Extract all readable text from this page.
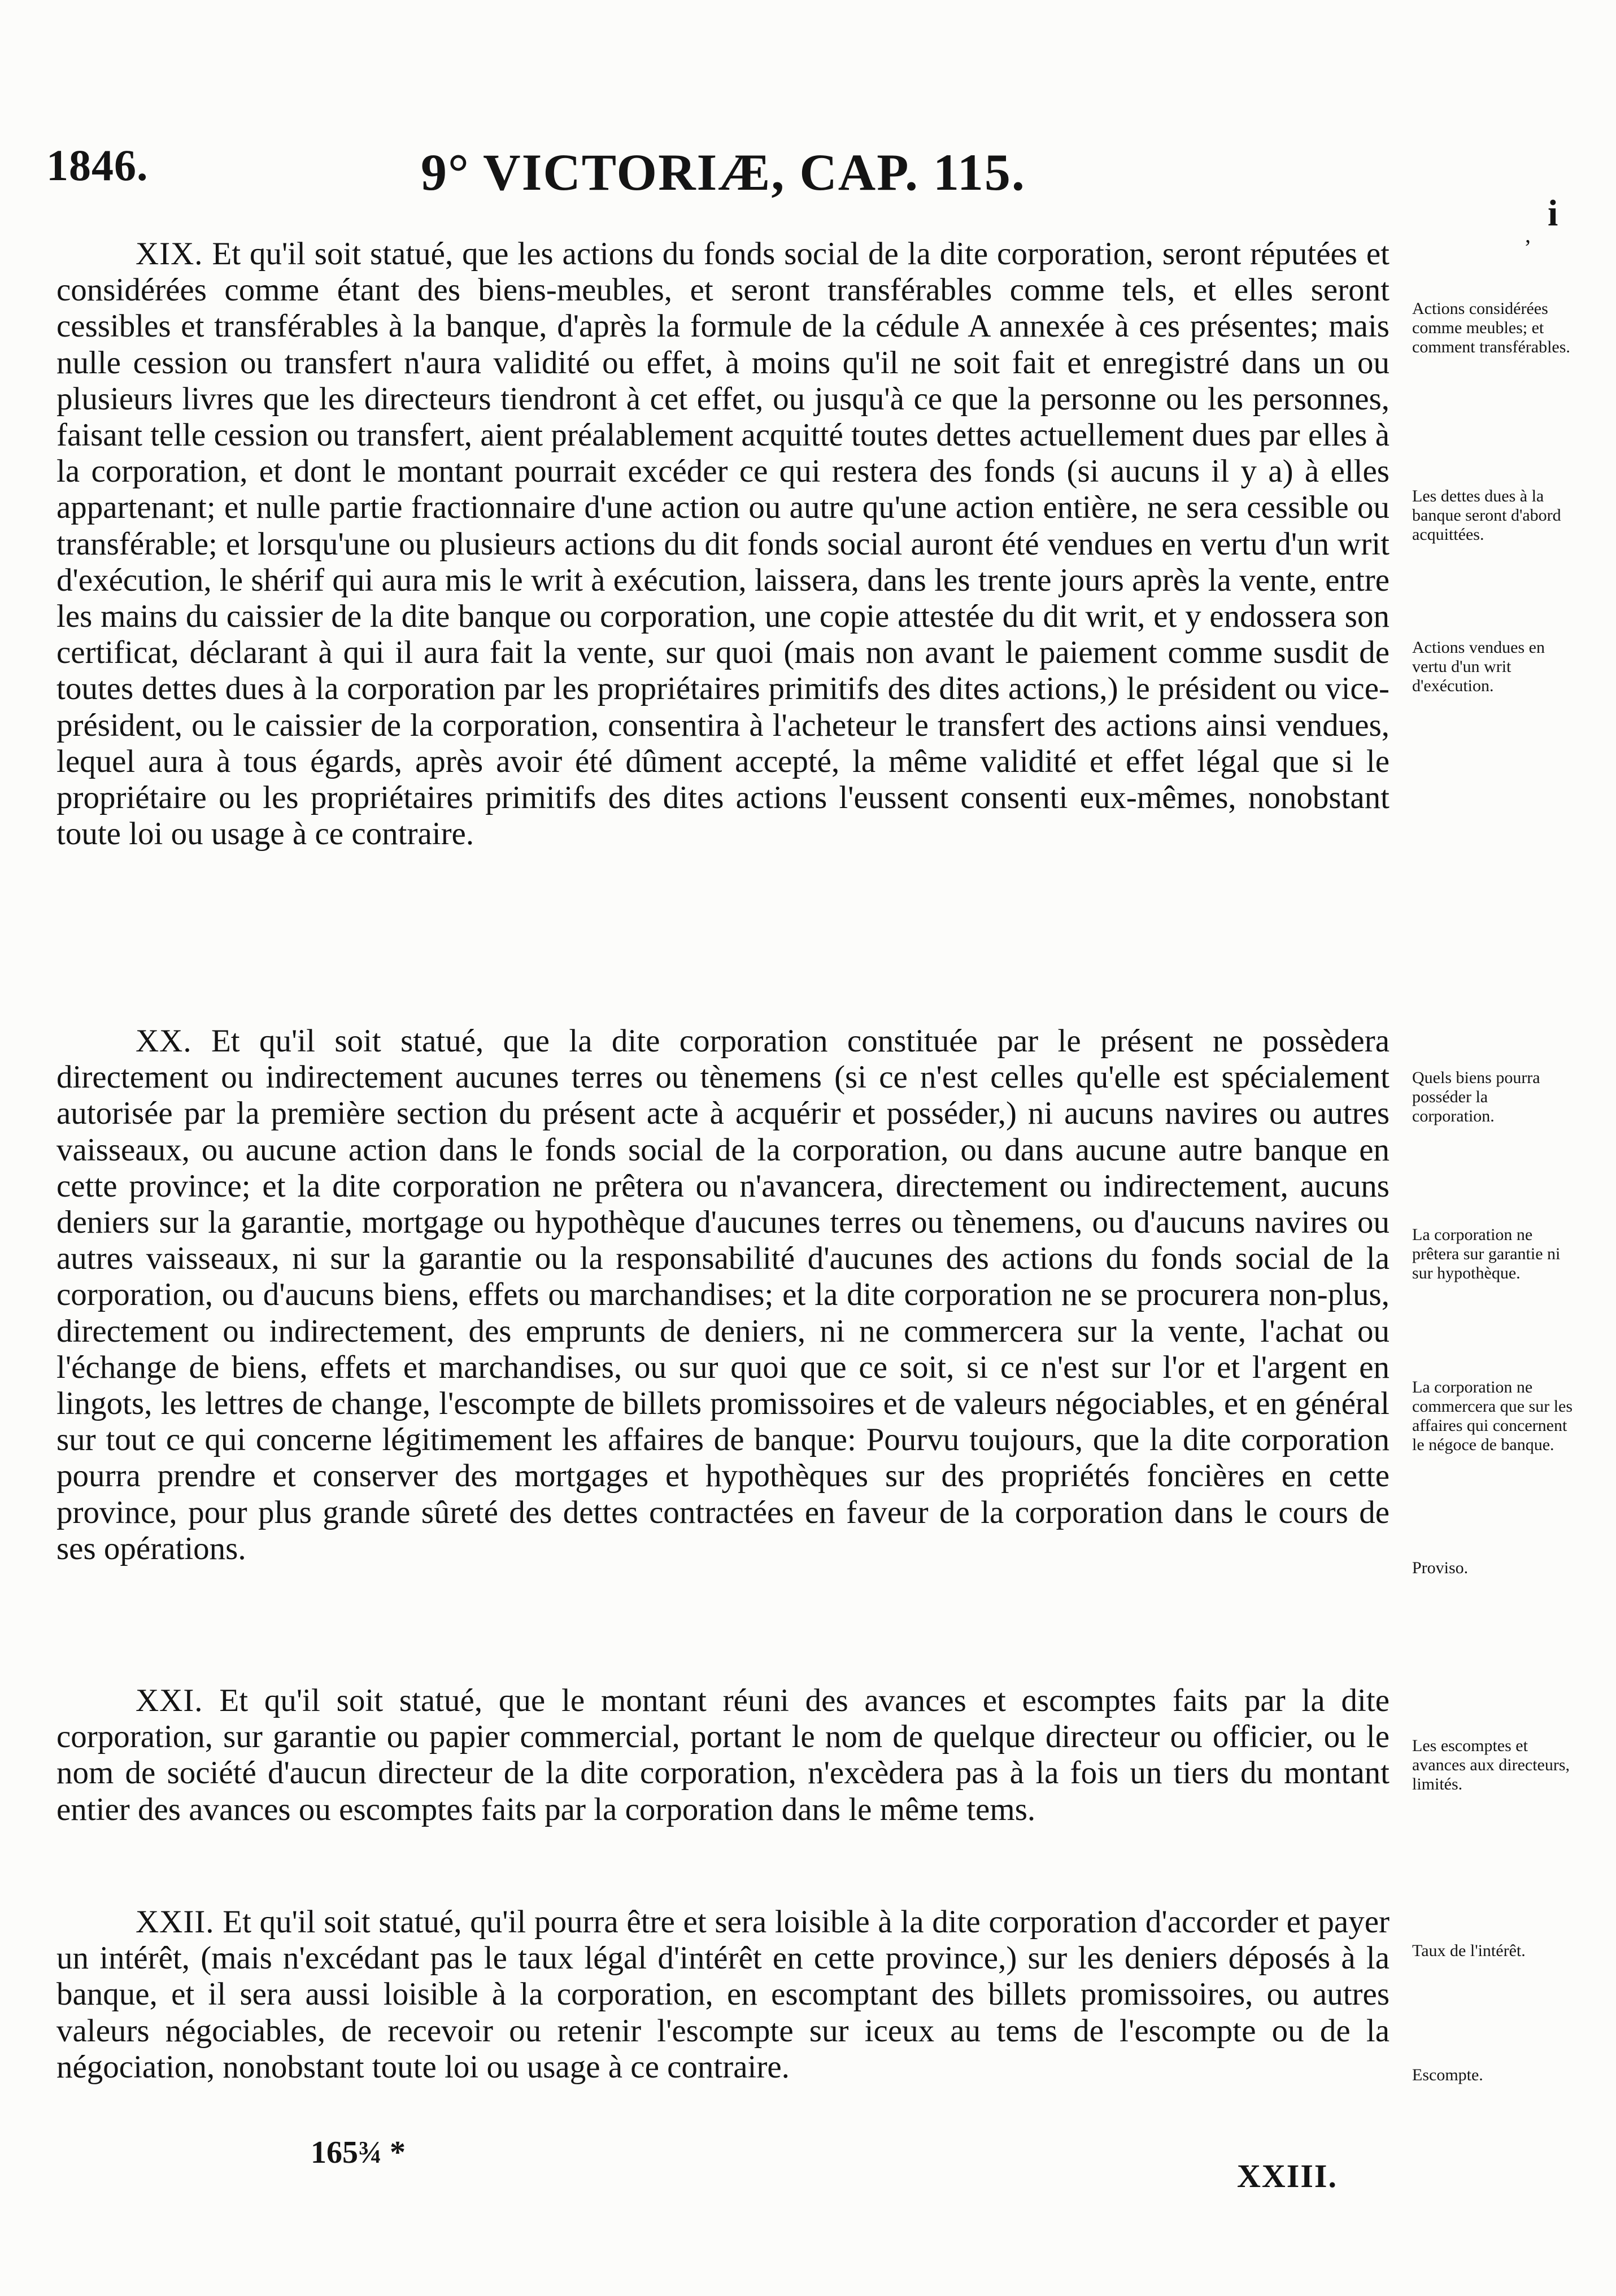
1846.	9° VICTORIÆ, CAP. 115.
,
i

XIX. Et qu'il soit statué, que les actions du fonds social de la dite corporation, seront réputées et considérées comme étant des biens-meubles, et seront transférables comme tels, et elles seront cessibles et transférables à la banque, d'après la formule de la cédule A annexée à ces présentes; mais nulle cession ou transfert n'aura validité ou effet, à moins qu'il ne soit fait et enregistré dans un ou plusieurs livres que les directeurs tiendront à cet effet, ou jusqu'à ce que la personne ou les personnes, faisant telle cession ou transfert, aient préalablement acquitté toutes dettes actuellement dues par elles à la corporation, et dont le montant pourrait excéder ce qui restera des fonds (si aucuns il y a) à elles appartenant; et nulle partie fractionnaire d'une action ou autre qu'une action entière, ne sera cessible ou transférable; et lorsqu'une ou plusieurs actions du dit fonds social auront été vendues en vertu d'un writ d'exécution, le shérif qui aura mis le writ à exécution, laissera, dans les trente jours après la vente, entre les mains du caissier de la dite banque ou corporation, une copie attestée du dit writ, et y endossera son certificat, déclarant à qui il aura fait la vente, sur quoi (mais non avant le paiement comme susdit de toutes dettes dues à la corporation par les propriétaires primitifs des dites actions,) le président ou vice-président, ou le caissier de la corporation, consentira à l'acheteur le transfert des actions ainsi vendues, lequel aura à tous égards, après avoir été dûment accepté, la même validité et effet légal que si le propriétaire ou les propriétaires primitifs des dites actions l'eussent consenti eux-mêmes, nonobstant toute loi ou usage à ce contraire.

XX. Et qu'il soit statué, que la dite corporation constituée par le présent ne possèdera directement ou indirectement aucunes terres ou tènemens (si ce n'est celles qu'elle est spécialement autorisée par la première section du présent acte à acquérir et posséder,) ni aucuns navires ou autres vaisseaux, ou aucune action dans le fonds social de la corporation, ou dans aucune autre banque en cette province; et la dite corporation ne prêtera ou n'avancera, directement ou indirectement, aucuns deniers sur la garantie, mortgage ou hypothèque d'aucunes terres ou tènemens, ou d'aucuns navires ou autres vaisseaux, ni sur la garantie ou la responsabilité d'aucunes des actions du fonds social de la corporation, ou d'aucuns biens, effets ou marchandises; et la dite corporation ne se procurera non-plus, directement ou indirectement, des emprunts de deniers, ni ne commercera sur la vente, l'achat ou l'échange de biens, effets et marchandises, ou sur quoi que ce soit, si ce n'est sur l'or et l'argent en lingots, les lettres de change, l'escompte de billets promissoires et de valeurs négociables, et en général sur tout ce qui concerne légitimement les affaires de banque: Pourvu toujours, que la dite corporation pourra prendre et conserver des mortgages et hypothèques sur des propriétés foncières en cette province, pour plus grande sûreté des dettes contractées en faveur de la corporation dans le cours de ses opérations.

XXI. Et qu'il soit statué, que le montant réuni des avances et escomptes faits par la dite corporation, sur garantie ou papier commercial, portant le nom de quelque directeur ou officier, ou le nom de société d'aucun directeur de la dite corporation, n'excèdera pas à la fois un tiers du montant entier des avances ou escomptes faits par la corporation dans le même tems.

XXII. Et qu'il soit statué, qu'il pourra être et sera loisible à la dite corporation d'accorder et payer un intérêt, (mais n'excédant pas le taux légal d'intérêt en cette province,) sur les deniers déposés à la banque, et il sera aussi loisible à la corporation, en escomptant des billets promissoires, ou autres valeurs négociables, de recevoir ou retenir l'escompte sur iceux au tems de l'escompte ou de la négociation, nonobstant toute loi ou usage à ce contraire.

Actions considérées comme meubles; et comment transférables.

Les dettes dues à la banque seront d'abord acquittées.

Actions vendues en vertu d'un writ d'exécution.

Quels biens pourra posséder la corporation.

La corporation ne prêtera sur garantie ni sur hypothèque.

La corporation ne commercera que sur les affaires qui concernent le négoce de banque.

Proviso.

Les escomptes et avances aux directeurs, limités.

Taux de l'intérêt.

Escompte.

165¾ *
XXIII.
